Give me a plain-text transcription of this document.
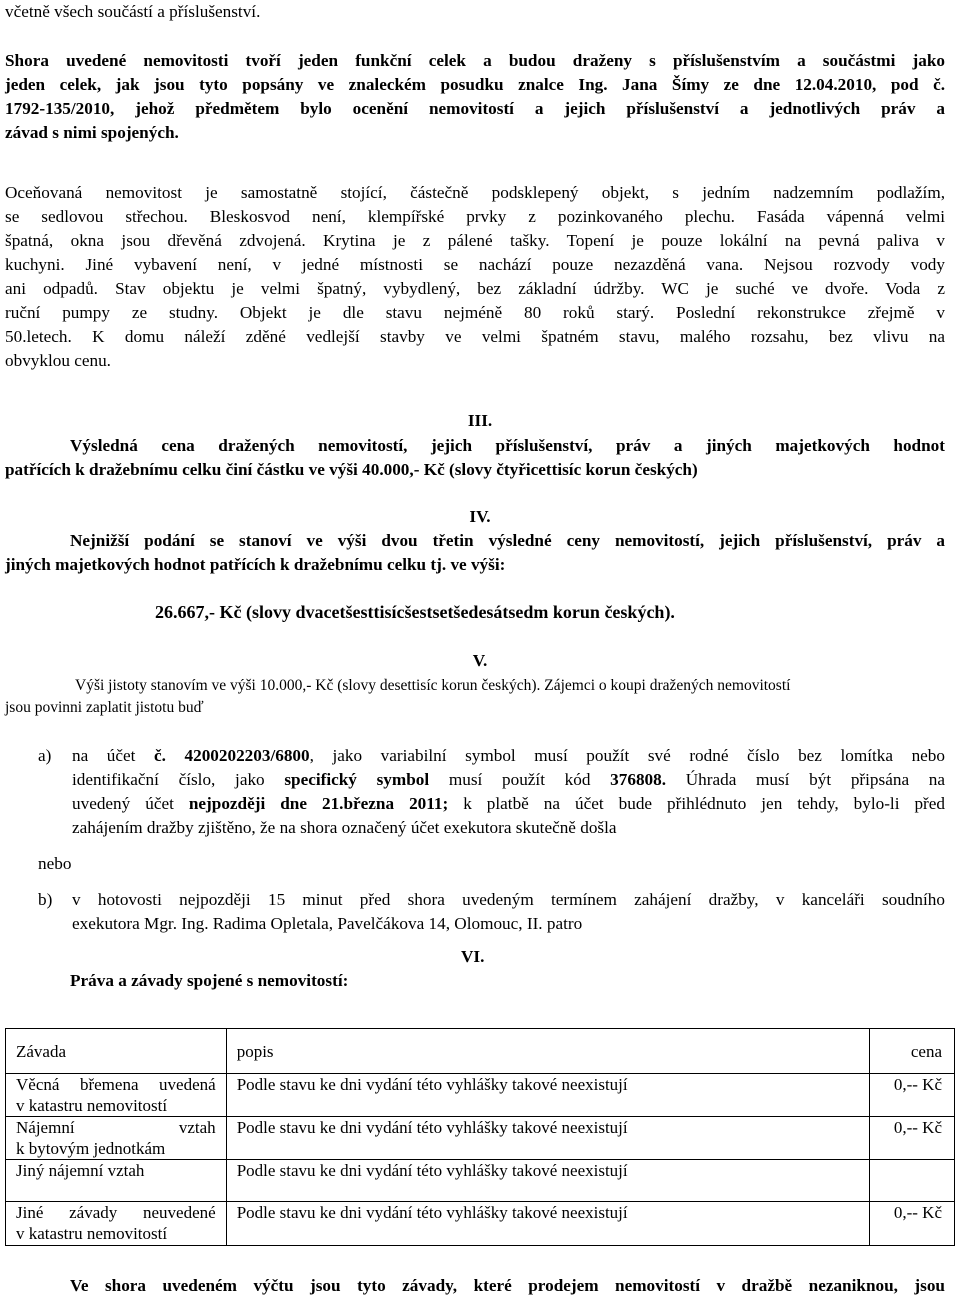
včetně všech součástí a příslušenství.
Shora uvedené nemovitosti tvoří jeden funkční celek a budou draženy s příslušenstvím a součástmi jako
jeden celek, jak jsou tyto popsány ve znaleckém posudku znalce Ing. Jana Šímy ze dne 12.04.2010, pod č.
1792-135/2010, jehož předmětem bylo ocenění nemovitostí a jejich příslušenství a jednotlivých práv a
závad s nimi spojených.
Oceňovaná nemovitost je samostatně stojící, částečně podsklepený objekt, s jedním nadzemním podlažím,
se sedlovou střechou. Bleskosvod není, klempířské prvky z pozinkovaného plechu. Fasáda vápenná velmi
špatná, okna jsou dřevěná zdvojená. Krytina je z pálené tašky. Topení je pouze lokální na pevná paliva v
kuchyni. Jiné vybavení není, v jedné místnosti se nachází pouze nezazděná vana. Nejsou rozvody vody
ani odpadů. Stav objektu je velmi špatný, vybydlený, bez základní údržby. WC je suché ve dvoře. Voda z
ruční pumpy ze studny. Objekt je dle stavu nejméně 80 roků starý. Poslední rekonstrukce zřejmě v
50.letech. K domu náleží zděné vedlejší stavby ve velmi špatném stavu, malého rozsahu, bez vlivu na
obvyklou cenu.
III.
Výsledná cena dražených nemovitostí, jejich příslušenství, práv a jiných majetkových hodnot
patřících k dražebnímu celku činí částku ve výši 40.000,- Kč (slovy čtyřicettisíc korun českých)
IV.
Nejnižší podání se stanoví ve výši dvou třetin výsledné ceny nemovitostí, jejich příslušenství, práv a
jiných majetkových hodnot patřících k dražebnímu celku tj. ve výši:
26.667,- Kč (slovy dvacetšesttisícšestsetšedesátsedm korun českých).
V.
Výši jistoty stanovím ve výši 10.000,- Kč (slovy desettisíc korun českých). Zájemci o koupi dražených nemovitostí
jsou povinni zaplatit jistotu buď
a) na účet č. 4200202203/6800, jako variabilní symbol musí použít své rodné číslo bez lomítka nebo
identifikační číslo, jako specifický symbol musí použít kód 376808. Úhrada musí být připsána na
uvedený účet nejpozději dne 21.března 2011; k platbě na účet bude přihlédnuto jen tehdy, bylo-li před
zahájením dražby zjištěno, že na shora označený účet exekutora skutečně došla
nebo
b) v hotovosti nejpozději 15 minut před shora uvedeným termínem zahájení dražby, v kanceláři soudního
exekutora Mgr. Ing. Radima Opletala, Pavelčákova 14, Olomouc, II. patro
VI.
Práva a závady spojené s nemovitostí:
Závada	popis	cena

Věcná břemena uvedená
v katastru nemovitostí	Podle stavu ke dni vydání této vyhlášky takové neexistují	0,-- Kč

Nájemní vztah
k bytovým jednotkám	Podle stavu ke dni vydání této vyhlášky takové neexistují	0,-- Kč

Jiný nájemní vztah	Podle stavu ke dni vydání této vyhlášky takové neexistují	

Jiné závady neuvedené
v katastru nemovitostí	Podle stavu ke dni vydání této vyhlášky takové neexistují	0,-- Kč
Ve shora uvedeném výčtu jsou tyto závady, které prodejem nemovitostí v dražbě nezaniknou, jsou
